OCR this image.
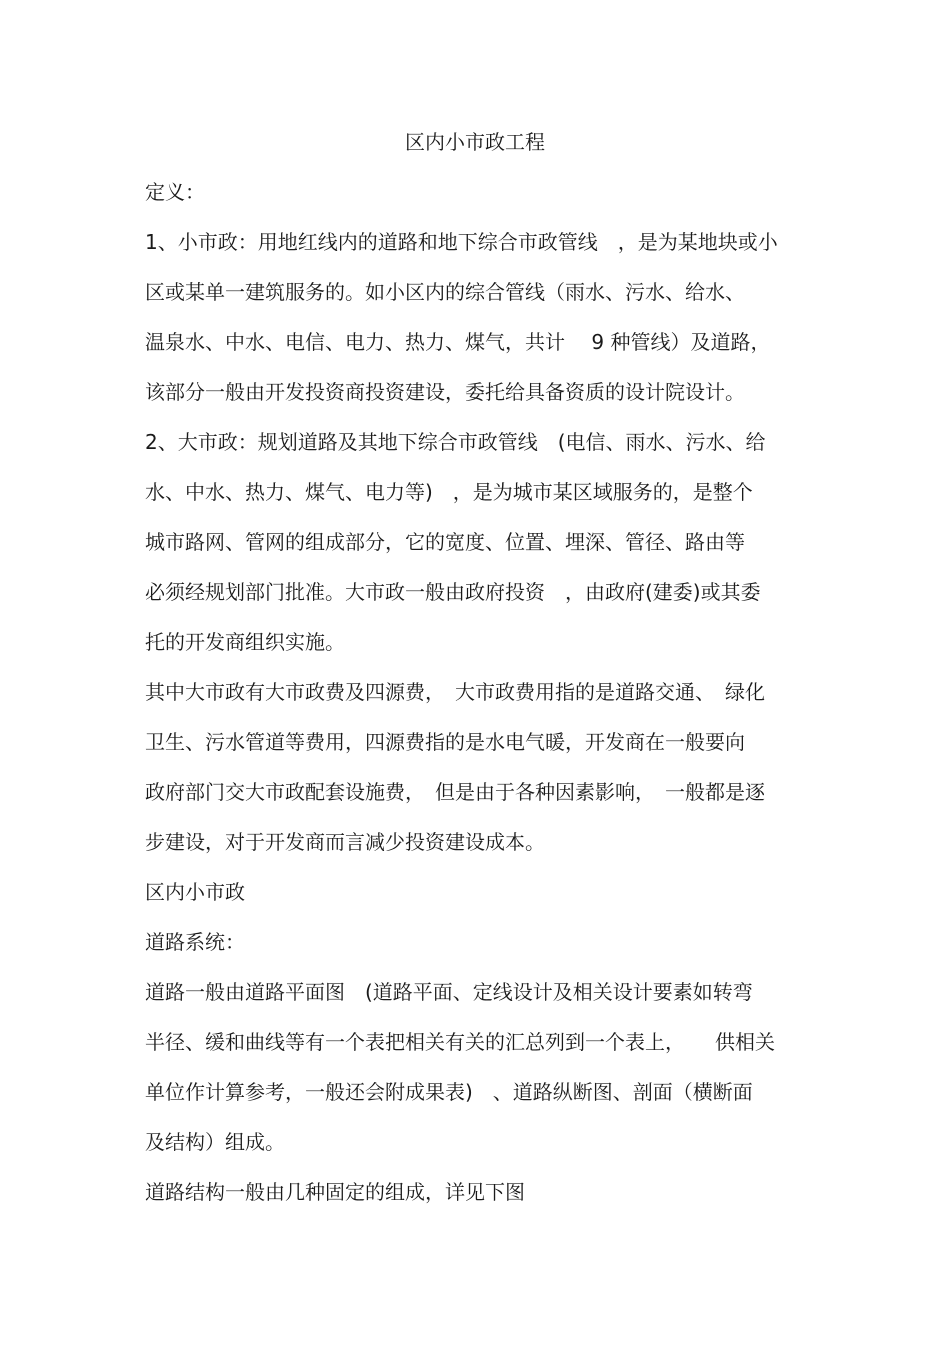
区内小市政工程
定义：
1、小市政：用地红线内的道路和地下综合市政管线　，是为某地块或小
区或某单一建筑服务的。如小区内的综合管线（雨水、污水、给水、
温泉水、中水、电信、电力、热力、煤气，共计　 9 种管线）及道路，
该部分一般由开发投资商投资建设，委托给具备资质的设计院设计。
2、大市政：规划道路及其地下综合市政管线　(电信、雨水、污水、给
水、中水、热力、煤气、电力等)　，是为城市某区域服务的，是整个
城市路网、管网的组成部分，它的宽度、位置、埋深、管径、路由等
必须经规划部门批准。大市政一般由政府投资　，由政府(建委)或其委
托的开发商组织实施。
其中大市政有大市政费及四源费，　大市政费用指的是道路交通、　绿化
卫生、污水管道等费用，四源费指的是水电气暖，开发商在一般要向
政府部门交大市政配套设施费，　但是由于各种因素影响，　一般都是逐
步建设，对于开发商而言减少投资建设成本。
区内小市政
道路系统：
道路一般由道路平面图　(道路平面、定线设计及相关设计要素如转弯
半径、缓和曲线等有一个表把相关有关的汇总列到一个表上，　　供相关
单位作计算参考，一般还会附成果表)　、道路纵断图、剖面（横断面
及结构）组成。
道路结构一般由几种固定的组成，详见下图
